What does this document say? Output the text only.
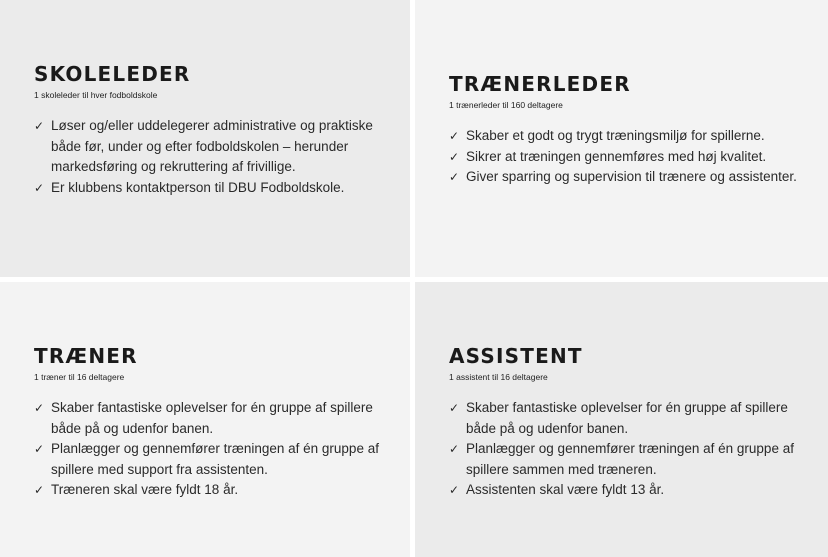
SKOLELEDER

1 skoleleder til hver fodboldskole

✓ Løser og/eller uddelegerer administrative og praktiske både før, under og efter fodboldskolen – herunder markedsføring og rekruttering af frivillige.
✓ Er klubbens kontaktperson til DBU Fodboldskole.
TRÆNERLEDER

1 trænerleder til 160 deltagere

✓ Skaber et godt og trygt træningsmiljø for spillerne.
✓ Sikrer at træningen gennemføres med høj kvalitet.
✓ Giver sparring og supervision til trænere og assistenter.
TRÆNER

1 træner til 16 deltagere

✓ Skaber fantastiske oplevelser for én gruppe af spillere både på og udenfor banen.
✓ Planlægger og gennemfører træningen af én gruppe af spillere med support fra assistenten.
✓ Træneren skal være fyldt 18 år.
ASSISTENT

1 assistent til 16 deltagere

✓ Skaber fantastiske oplevelser for én gruppe af spillere både på og udenfor banen.
✓ Planlægger og gennemfører træningen af én gruppe af spillere sammen med træneren.
✓ Assistenten skal være fyldt 13 år.
